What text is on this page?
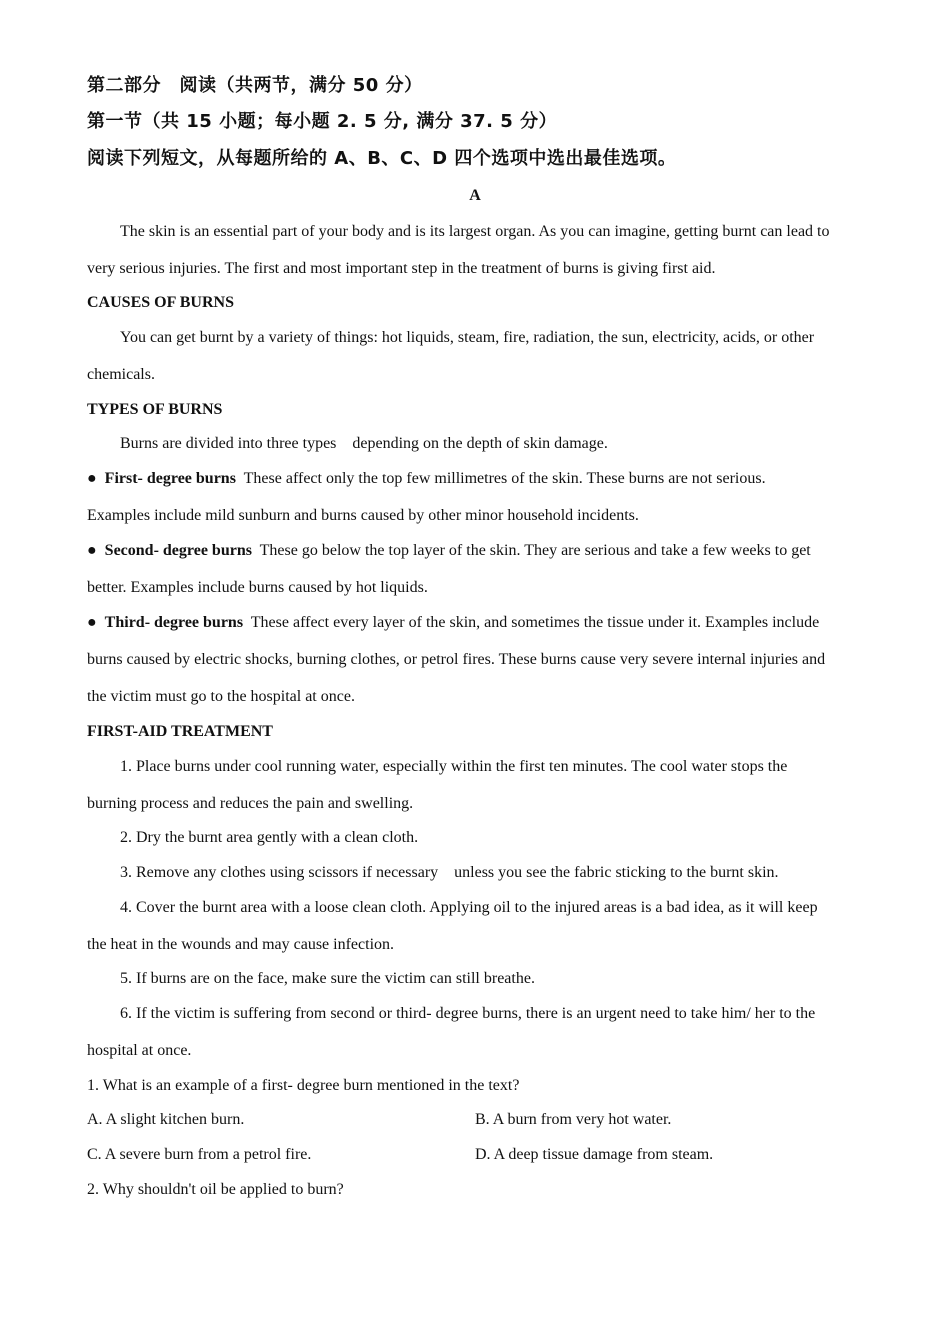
第二部分　阅读（共两节，满分 50 分）
第一节（共 15 小题；每小题 2. 5 分, 满分 37. 5 分）
阅读下列短文，从每题所给的 A、B、C、D 四个选项中选出最佳选项。
A
The skin is an essential part of your body and is its largest organ. As you can imagine, getting burnt can lead to
very serious injuries. The first and most important step in the treatment of burns is giving first aid.
CAUSES OF BURNS
You can get burnt by a variety of things: hot liquids, steam, fire, radiation, the sun, electricity, acids, or other
chemicals.
TYPES OF BURNS
Burns are divided into three types　depending on the depth of skin damage.
● First- degree burns These affect only the top few millimetres of the skin. These burns are not serious.
Examples include mild sunburn and burns caused by other minor household incidents.
● Second- degree burns These go below the top layer of the skin. They are serious and take a few weeks to get
better. Examples include burns caused by hot liquids.
● Third- degree burns These affect every layer of the skin, and sometimes the tissue under it. Examples include
burns caused by electric shocks, burning clothes, or petrol fires. These burns cause very severe internal injuries and
the victim must go to the hospital at once.
FIRST-AID TREATMENT
1. Place burns under cool running water, especially within the first ten minutes. The cool water stops the
burning process and reduces the pain and swelling.
2. Dry the burnt area gently with a clean cloth.
3. Remove any clothes using scissors if necessary　unless you see the fabric sticking to the burnt skin.
4. Cover the burnt area with a loose clean cloth. Applying oil to the injured areas is a bad idea, as it will keep
the heat in the wounds and may cause infection.
5. If burns are on the face, make sure the victim can still breathe.
6. If the victim is suffering from second or third- degree burns, there is an urgent need to take him/ her to the
hospital at once.
1. What is an example of a first- degree burn mentioned in the text?
A. A slight kitchen burn.	B. A burn from very hot water.
C. A severe burn from a petrol fire.	D. A deep tissue damage from steam.
2. Why shouldn't oil be applied to burn?
